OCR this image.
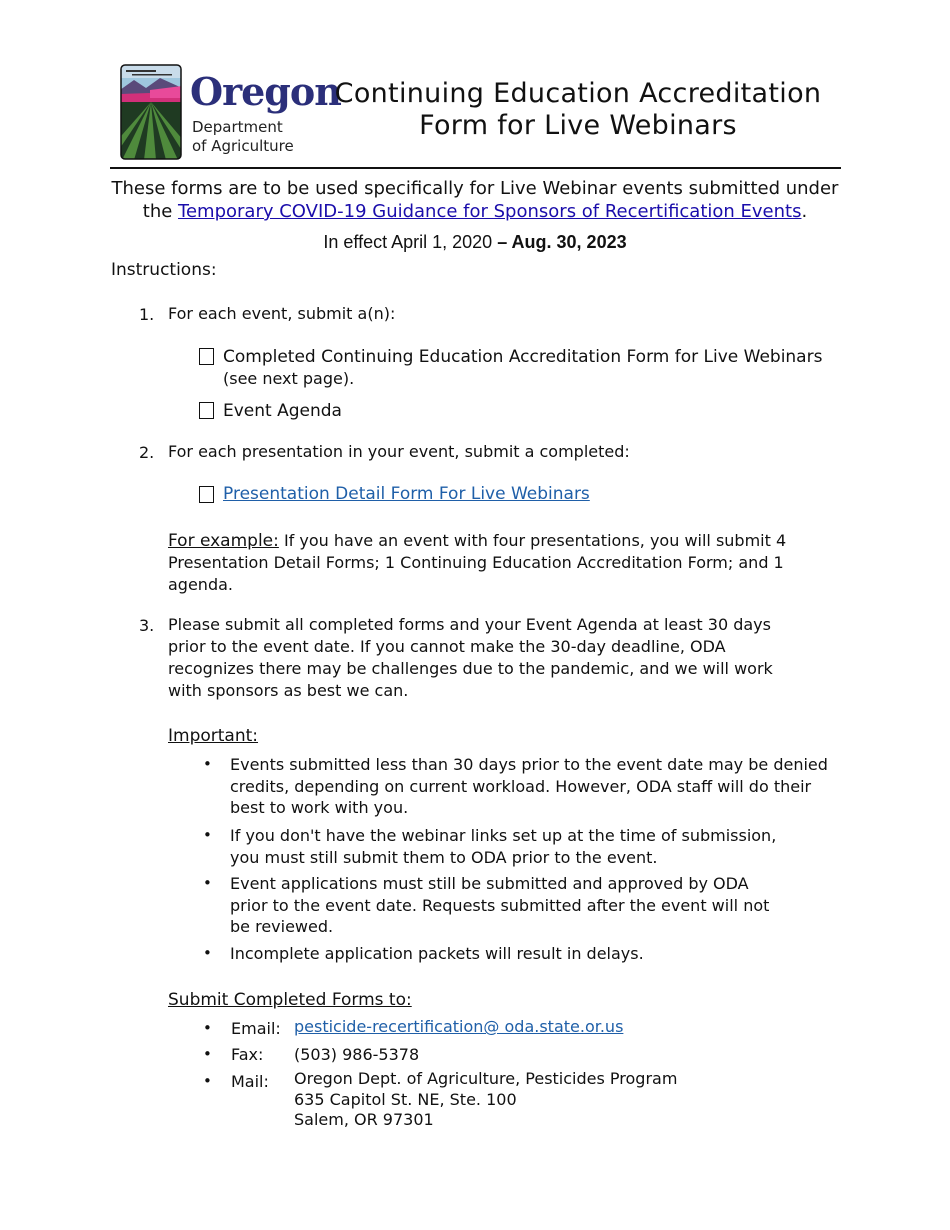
Oregon
Department
of Agriculture
Continuing Education Accreditation
Form for Live Webinars
These forms are to be used specifically for Live Webinar events submitted under
the Temporary COVID-19 Guidance for Sponsors of Recertification Events.
In effect April 1, 2020 – Aug. 30, 2023
Instructions:
1. For each event, submit a(n):
Completed Continuing Education Accreditation Form for Live Webinars
(see next page).
Event Agenda
2. For each presentation in your event, submit a completed:
Presentation Detail Form For Live Webinars
For example: If you have an event with four presentations, you will submit 4
Presentation Detail Forms; 1 Continuing Education Accreditation Form; and 1
agenda.
3. Please submit all completed forms and your Event Agenda at least 30 days
prior to the event date. If you cannot make the 30-day deadline, ODA
recognizes there may be challenges due to the pandemic, and we will work
with sponsors as best we can.
Important:
• Events submitted less than 30 days prior to the event date may be denied
credits, depending on current workload. However, ODA staff will do their
best to work with you.
• If you don't have the webinar links set up at the time of submission,
you must still submit them to ODA prior to the event.
• Event applications must still be submitted and approved by ODA
prior to the event date. Requests submitted after the event will not
be reviewed.
• Incomplete application packets will result in delays.
Submit Completed Forms to:
• Email: pesticide-recertification@ oda.state.or.us
• Fax: (503) 986-5378
• Mail: Oregon Dept. of Agriculture, Pesticides Program
635 Capitol St. NE, Ste. 100
Salem, OR 97301
